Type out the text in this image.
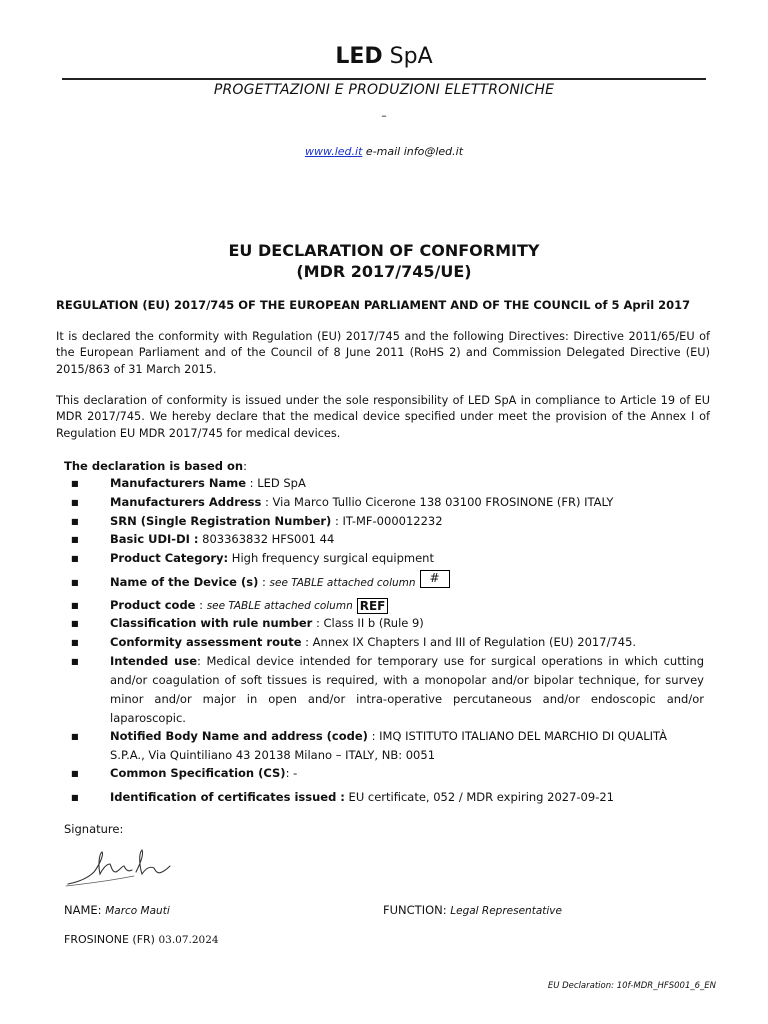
LED SpA
PROGETTAZIONI E PRODUZIONI ELETTRONICHE
–
www.led.it e-mail info@led.it
EU DECLARATION OF CONFORMITY
(MDR 2017/745/UE)
REGULATION (EU) 2017/745 OF THE EUROPEAN PARLIAMENT AND OF THE COUNCIL of 5 April 2017
It is declared the conformity with Regulation (EU) 2017/745 and the following Directives: Directive 2011/65/EU of the European Parliament and of the Council of 8 June 2011 (RoHS 2) and Commission Delegated Directive (EU) 2015/863 of 31 March 2015.
This declaration of conformity is issued under the sole responsibility of LED SpA in compliance to Article 19 of EU MDR 2017/745. We hereby declare that the medical device specified under meet the provision of the Annex I of Regulation EU MDR 2017/745 for medical devices.
The declaration is based on:
■	Manufacturers Name : LED SpA
■	Manufacturers Address : Via Marco Tullio Cicerone 138 03100 FROSINONE (FR) ITALY
■	SRN (Single Registration Number) : IT-MF-000012232
■	Basic UDI-DI : 803363832 HFS001 44
■	Product Category: High frequency surgical equipment
■	Name of the Device (s) : see TABLE attached column #
■	Product code : see TABLE attached column REF
■	Classification with rule number : Class II b (Rule 9)
■	Conformity assessment route : Annex IX Chapters I and III of Regulation (EU) 2017/745.
■	Intended use: Medical device intended for temporary use for surgical operations in which cutting and/or coagulation of soft tissues is required, with a monopolar and/or bipolar technique, for survey minor and/or major in open and/or intra-operative percutaneous and/or endoscopic and/or laparoscopic.
■	Notified Body Name and address (code) : IMQ ISTITUTO ITALIANO DEL MARCHIO DI QUALITÀ S.P.A., Via Quintiliano 43 20138 Milano – ITALY, NB: 0051
■	Common Specification (CS): -
■	Identification of certificates issued : EU certificate, 052 / MDR expiring 2027-09-21
Signature:
NAME: Marco Mauti	FUNCTION: Legal Representative
FROSINONE (FR) 03.07.2024
EU Declaration: 10f-MDR_HFS001_6_EN
